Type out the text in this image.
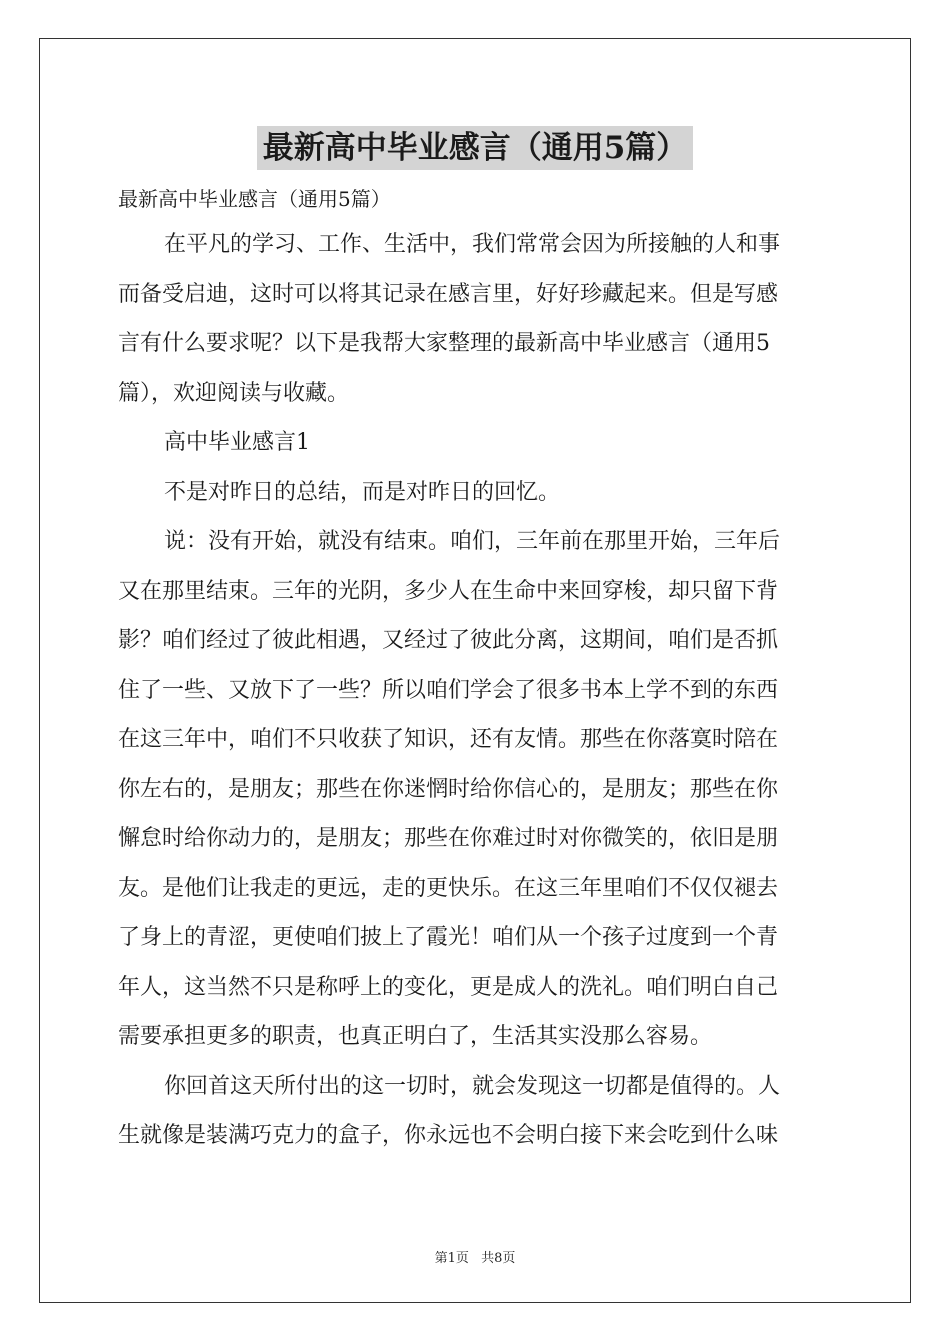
最新高中毕业感言（通用5篇）
最新高中毕业感言（通用5篇）
在平凡的学习、工作、生活中，我们常常会因为所接触的人和事
而备受启迪，这时可以将其记录在感言里，好好珍藏起来。但是写感
言有什么要求呢？以下是我帮大家整理的最新高中毕业感言（通用5
篇），欢迎阅读与收藏。
高中毕业感言1
不是对昨日的总结，而是对昨日的回忆。
说：没有开始，就没有结束。咱们，三年前在那里开始，三年后
又在那里结束。三年的光阴，多少人在生命中来回穿梭，却只留下背
影？咱们经过了彼此相遇，又经过了彼此分离，这期间，咱们是否抓
住了一些、又放下了一些？所以咱们学会了很多书本上学不到的东西
在这三年中，咱们不只收获了知识，还有友情。那些在你落寞时陪在
你左右的，是朋友；那些在你迷惘时给你信心的，是朋友；那些在你
懈怠时给你动力的，是朋友；那些在你难过时对你微笑的，依旧是朋
友。是他们让我走的更远，走的更快乐。在这三年里咱们不仅仅褪去
了身上的青涩，更使咱们披上了霞光！咱们从一个孩子过度到一个青
年人，这当然不只是称呼上的变化，更是成人的洗礼。咱们明白自己
需要承担更多的职责，也真正明白了，生活其实没那么容易。
你回首这天所付出的这一切时，就会发现这一切都是值得的。人
生就像是装满巧克力的盒子，你永远也不会明白接下来会吃到什么味
第1页 共8页
